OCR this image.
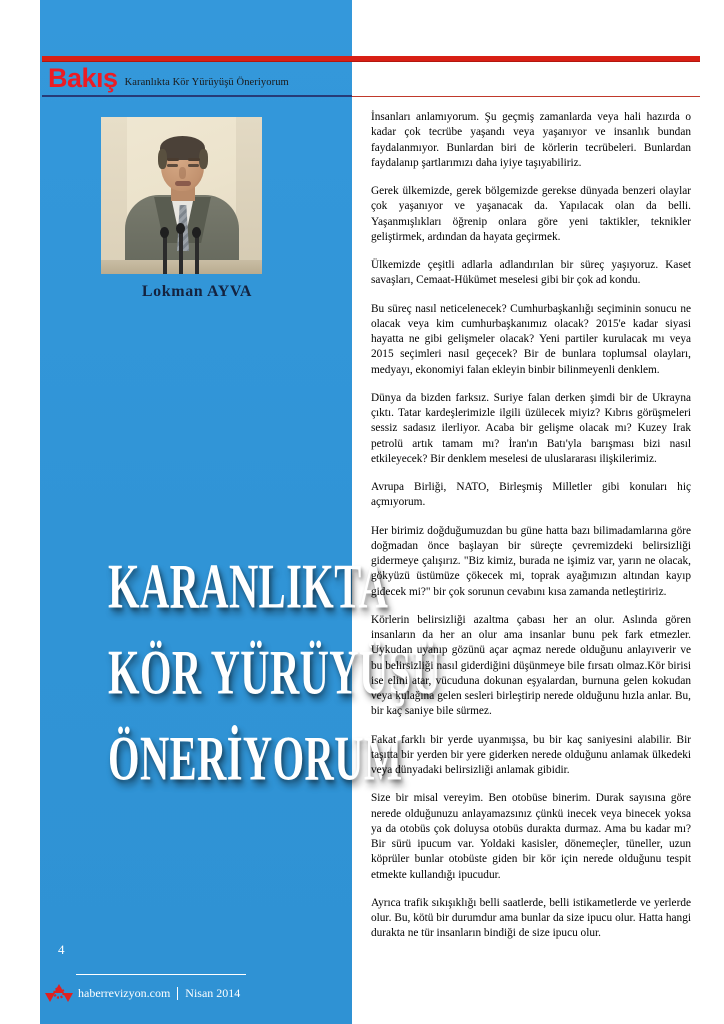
Bakış Karanlıkta Kör Yürüyüşü Öneriyorum
Lokman AYVA
KARANLIKTA
KÖR YÜRÜYÜŞÜ
ÖNERİYORUM
4
haberrevizyon.com Nisan 2014

İnsanları anlamıyorum. Şu geçmiş zamanlarda veya hali hazırda o kadar çok tecrübe yaşandı veya yaşanıyor ve insanlık bundan faydalanmıyor. Bunlardan biri de körlerin tecrübeleri. Bunlardan faydalanıp şartlarımızı daha iyiye taşıyabiliriz.

Gerek ülkemizde, gerek bölgemizde gerekse dünyada benzeri olaylar çok yaşanıyor ve yaşanacak da. Yapılacak olan da belli. Yaşanmışlıkları öğrenip onlara göre yeni taktikler, teknikler geliştirmek, ardından da hayata geçirmek.

Ülkemizde çeşitli adlarla adlandırılan bir süreç yaşıyoruz. Kaset savaşları, Cemaat-Hükümet meselesi gibi bir çok ad kondu.

Bu süreç nasıl neticelenecek? Cumhurbaşkanlığı seçiminin sonucu ne olacak veya kim cumhurbaşkanımız olacak? 2015'e kadar siyasi hayatta ne gibi gelişmeler olacak? Yeni partiler kurulacak mı veya 2015 seçimleri nasıl geçecek? Bir de bunlara toplumsal olayları, medyayı, ekonomiyi falan ekleyin binbir bilinmeyenli denklem.

Dünya da bizden farksız. Suriye falan derken şimdi bir de Ukrayna çıktı. Tatar kardeşlerimizle ilgili üzülecek miyiz? Kıbrıs görüşmeleri sessiz sadasız ilerliyor. Acaba bir gelişme olacak mı? Kuzey Irak petrolü artık tamam mı? İran'ın Batı'yla barışması bizi nasıl etkileyecek? Bir denklem meselesi de uluslararası ilişkilerimiz.

Avrupa Birliği, NATO, Birleşmiş Milletler gibi konuları hiç açmıyorum.

Her birimiz doğduğumuzdan bu güne hatta bazı bilimadamlarına göre doğmadan önce başlayan bir süreçte çevremizdeki belirsizliği gidermeye çalışırız. "Biz kimiz, burada ne işimiz var, yarın ne olacak, gökyüzü üstümüze çökecek mi, toprak ayağımızın altından kayıp gidecek mi?" bir çok sorunun cevabını kısa zamanda netleştiririz.

Körlerin belirsizliği azaltma çabası her an olur. Aslında gören insanların da her an olur ama insanlar bunu pek fark etmezler. Uykudan uyanıp gözünü açar açmaz nerede olduğunu anlayıverir ve bu belirsizliği nasıl giderdiğini düşünmeye bile fırsatı olmaz.Kör birisi ise elini atar, vücuduna dokunan eşyalardan, burnuna gelen kokudan veya kulağına gelen sesleri birleştirip nerede olduğunu hızla anlar. Bu, bir kaç saniye bile sürmez.

Fakat farklı bir yerde uyanmışsa, bu bir kaç saniyesini alabilir. Bir taşıtta bir yerden bir yere giderken nerede olduğunu anlamak ülkedeki veya dünyadaki belirsizliği anlamak gibidir.

Size bir misal vereyim. Ben otobüse binerim. Durak sayısına göre nerede olduğunuzu anlayamazsınız çünkü inecek veya binecek yoksa ya da otobüs çok doluysa otobüs durakta durmaz. Ama bu kadar mı? Bir sürü ipucum var. Yoldaki kasisler, dönemeçler, tüneller, uzun köprüler bunlar otobüste giden bir kör için nerede olduğunu tespit etmekte kullandığı ipucudur.

Ayrıca trafik sıkışıklığı belli saatlerde, belli istikametlerde ve yerlerde olur. Bu, kötü bir durumdur ama bunlar da size ipucu olur. Hatta hangi durakta ne tür insanların bindiği de size ipucu olur.
